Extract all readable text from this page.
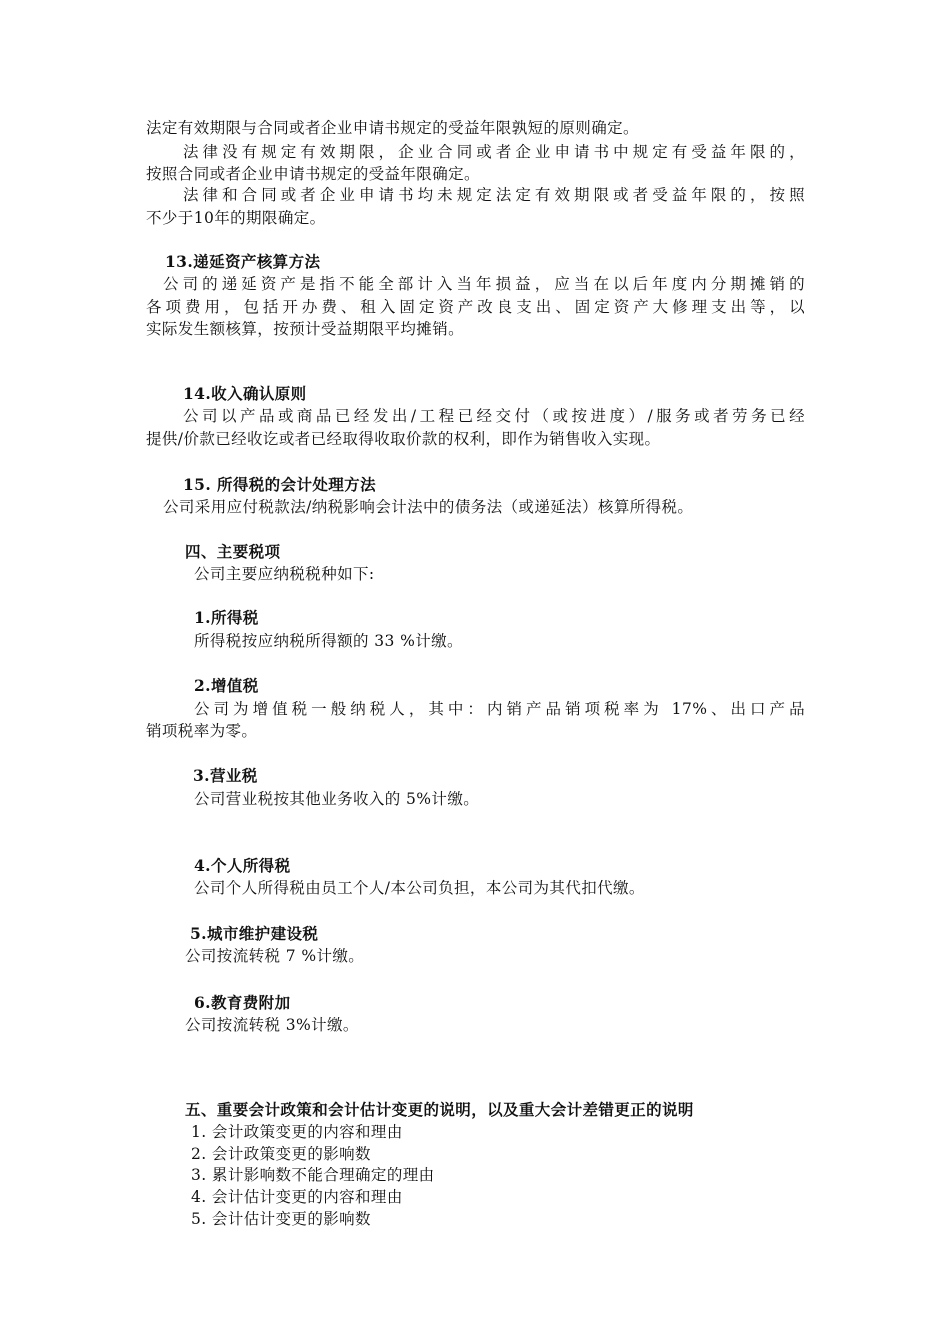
法定有效期限与合同或者企业申请书规定的受益年限孰短的原则确定。
法律没有规定有效期限，企业合同或者企业申请书中规定有受益年限的，
按照合同或者企业申请书规定的受益年限确定。
法律和合同或者企业申请书均未规定法定有效期限或者受益年限的，按照
不少于10年的期限确定。
13.递延资产核算方法
公司的递延资产是指不能全部计入当年损益，应当在以后年度内分期摊销的
各项费用，包括开办费、租入固定资产改良支出、固定资产大修理支出等，以
实际发生额核算，按预计受益期限平均摊销。
14.收入确认原则
公司以产品或商品已经发出/工程已经交付（或按进度）/服务或者劳务已经
提供/价款已经收讫或者已经取得收取价款的权利，即作为销售收入实现。
15. 所得税的会计处理方法
公司采用应付税款法/纳税影响会计法中的债务法（或递延法）核算所得税。
四、主要税项
公司主要应纳税税种如下:
1.所得税
所得税按应纳税所得额的 33 %计缴。
2.增值税
公司为增值税一般纳税人，其中：内销产品销项税率为 17%、出口产品
销项税率为零。
3.营业税
公司营业税按其他业务收入的 5%计缴。
4.个人所得税
公司个人所得税由员工个人/本公司负担，本公司为其代扣代缴。
5.城市维护建设税
公司按流转税 7 %计缴。
6.教育费附加
公司按流转税 3%计缴。
五、重要会计政策和会计估计变更的说明，以及重大会计差错更正的说明
1. 会计政策变更的内容和理由
2. 会计政策变更的影响数
3. 累计影响数不能合理确定的理由
4. 会计估计变更的内容和理由
5. 会计估计变更的影响数
